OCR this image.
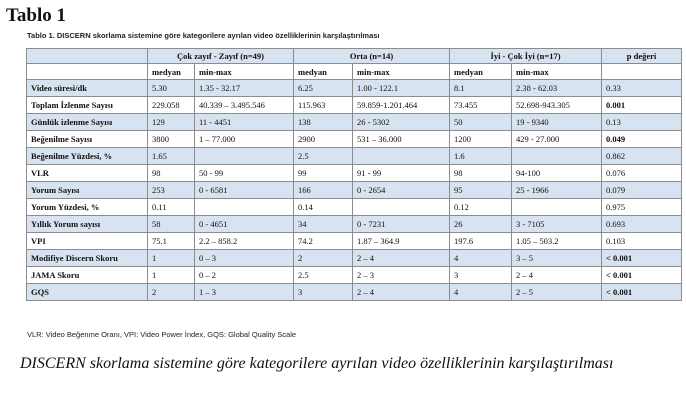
Tablo 1
Tablo 1. DISCERN skorlama sistemine göre kategorilere ayrılan video özelliklerinin karşılaştırılması
	Çok zayıf - Zayıf (n=49)		Orta (n=14)		İyi - Çok İyi (n=17)		p değeri
	medyan	min-max	medyan	min-max	medyan	min-max	
Video süresi/dk	5.30	1.35 - 32.17	6.25	1.00 - 122.1	8.1	2.38 - 62.03	0.33
Toplam İzlenme Sayısı	229.058	40.339 – 3.495.546	115.963	59.859-1.201.464	73.455	52.698-943.305	0.001
Günlük izlenme Sayısı	129	11 - 4451	138	26 - 5302	50	19 - 9340	0.13
Beğenilme Sayısı	3800	1 – 77.000	2900	531 – 36.000	1200	429 - 27.000	0.049
Beğenilme Yüzdesi, %	1.65		2.5		1.6		0.862
VLR	98	50 - 99	99	91 - 99	98	94-100	0.076
Yorum Sayısı	253	0 - 6581	166	0 - 2654	95	25 - 1966	0.079
Yorum Yüzdesi, %	0.11		0.14		0.12		0.975
Yıllık Yorum sayısı	58	0 - 4651	34	0 - 7231	26	3 - 7105	0.693
VPI	75.1	2.2 – 858.2	74.2	1.87 – 364.9	197.6	1.05 – 503.2	0.103
Modifiye Discern Skoru	1	0 – 3	2	2 – 4	4	3 – 5	< 0.001
JAMA Skoru	1	0 – 2	2.5	2 – 3	3	2 – 4	< 0.001
GQS	2	1 – 3	3	2 – 4	4	2 – 5	< 0.001
VLR: Video Beğenme Oranı, VPI: Video Power İndex, GQS: Global Quality Scale
DISCERN skorlama sistemine göre kategorilere ayrılan video özelliklerinin karşılaştırılması
